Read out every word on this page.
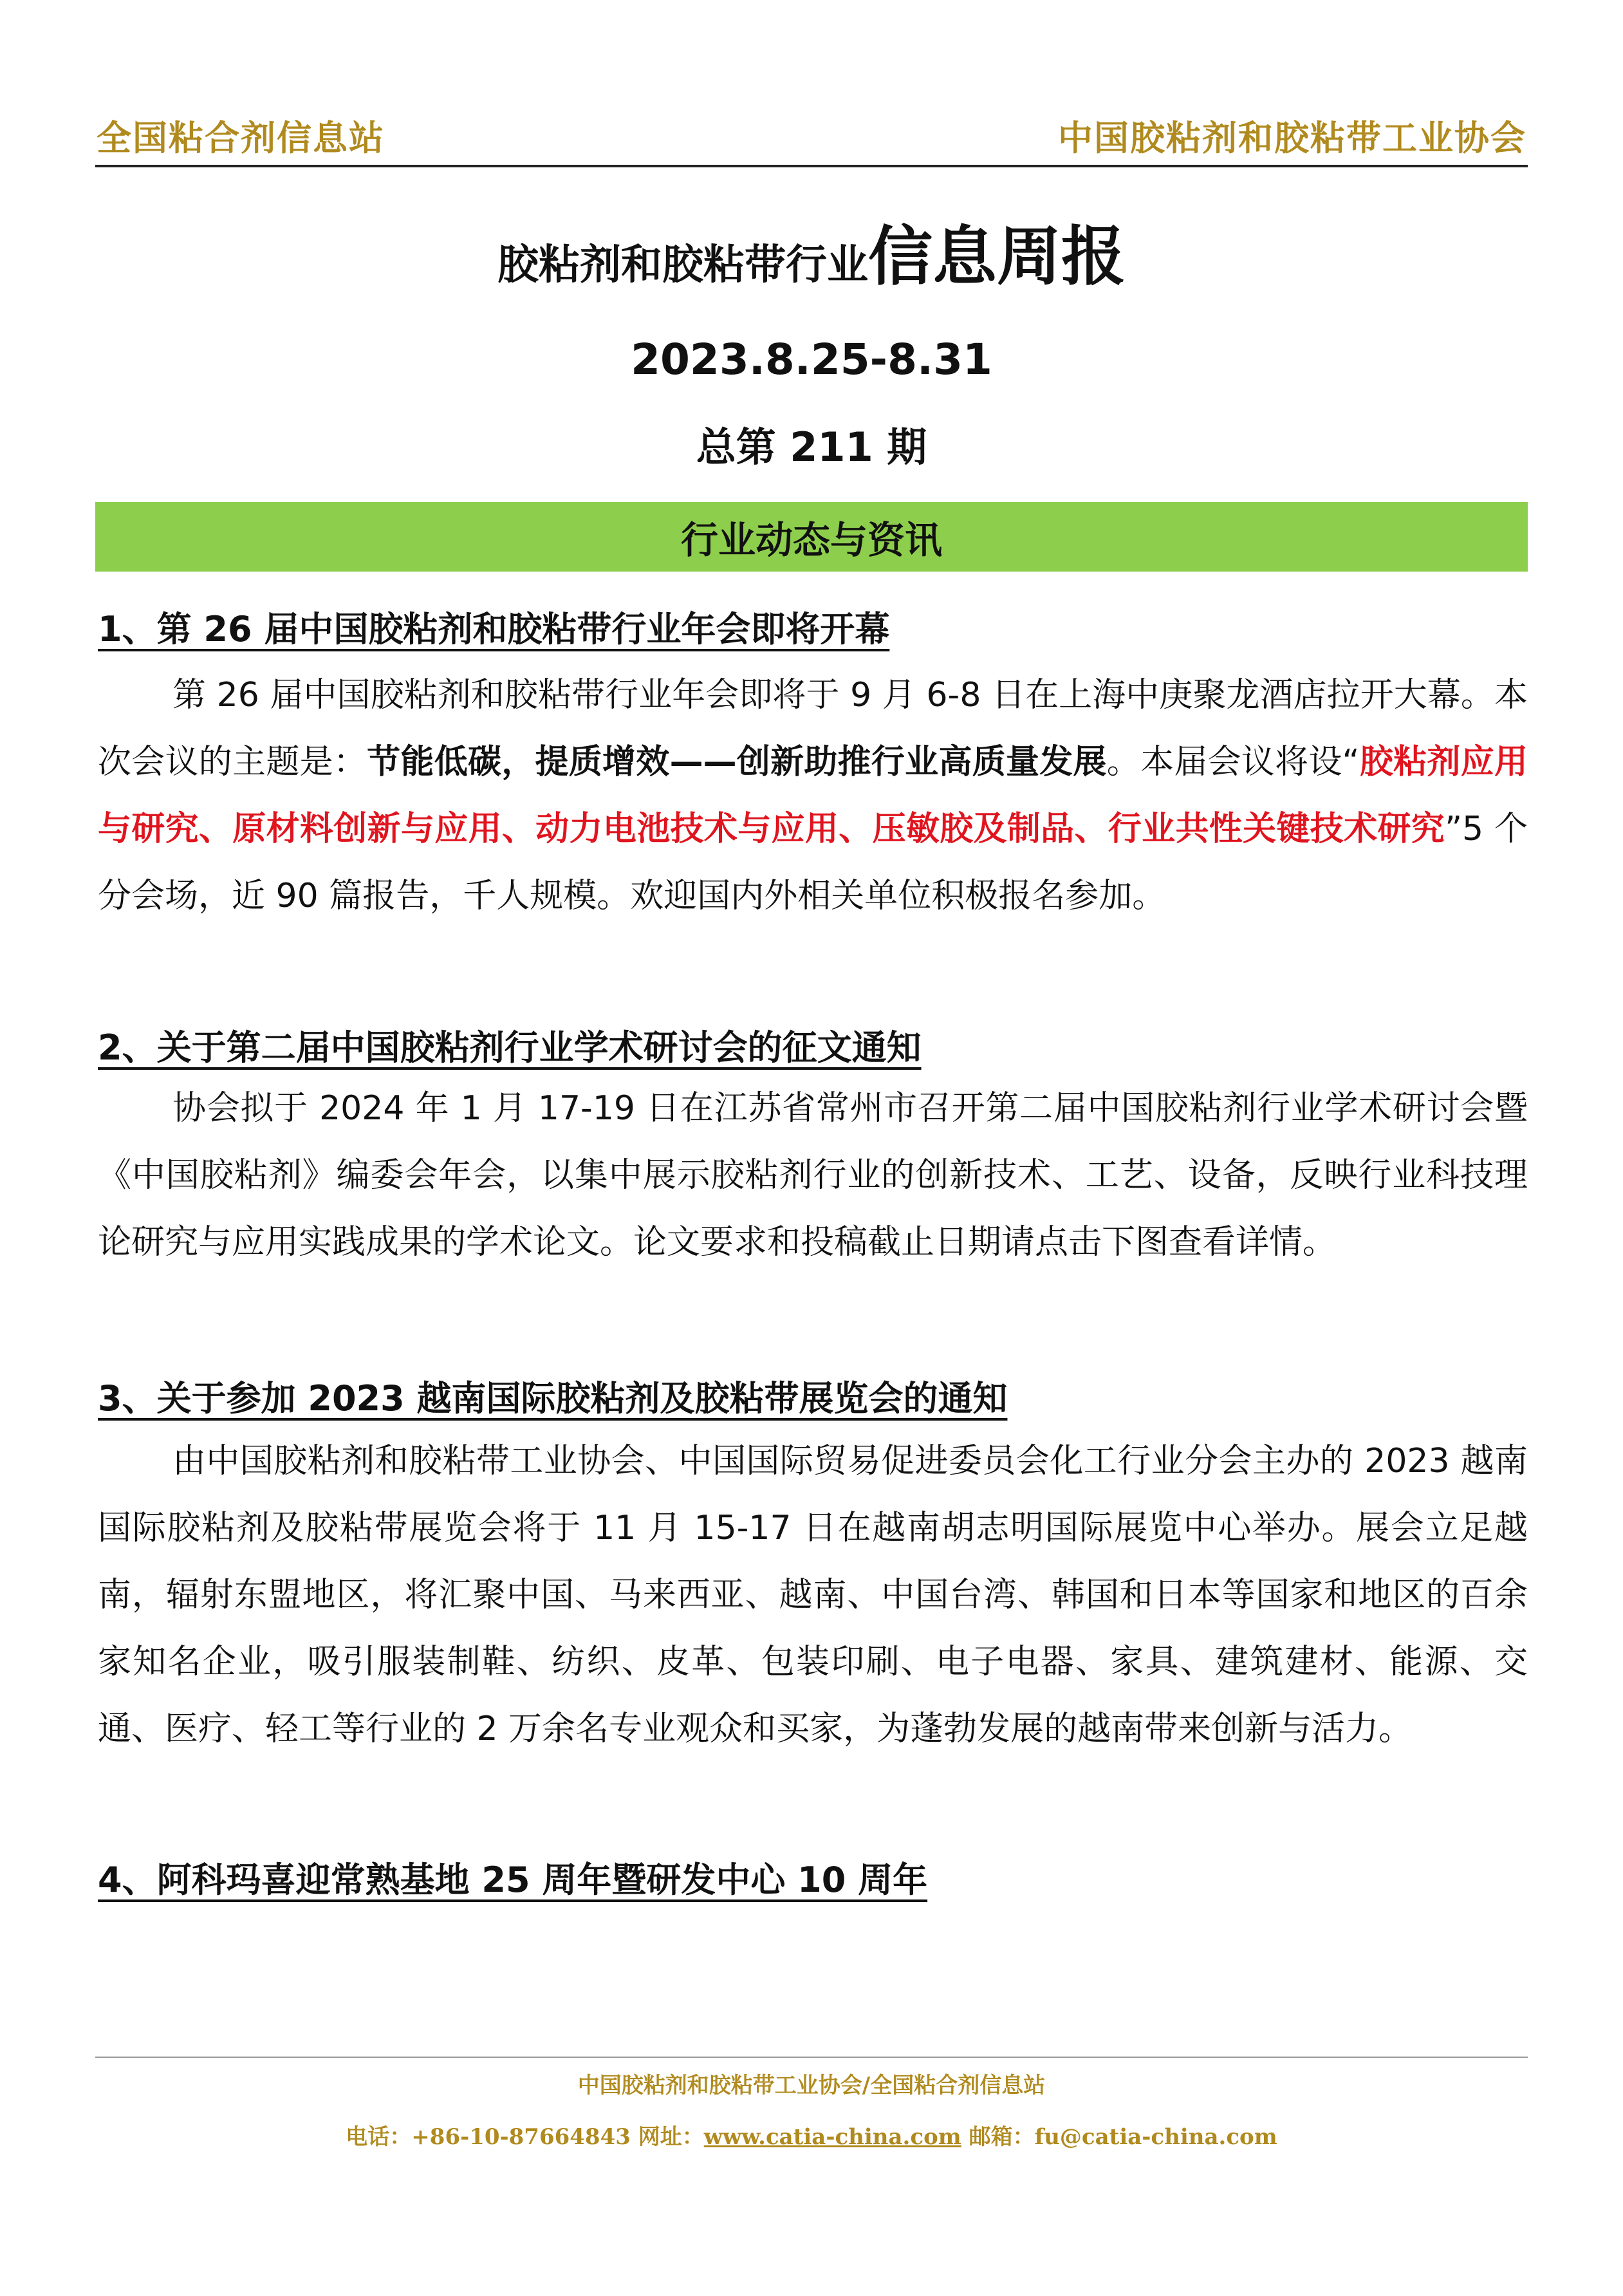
全国粘合剂信息站	中国胶粘剂和胶粘带工业协会
胶粘剂和胶粘带行业信息周报
2023.8.25-8.31
总第 211 期
行业动态与资讯
1、第 26 届中国胶粘剂和胶粘带行业年会即将开幕
第 26 届中国胶粘剂和胶粘带行业年会即将于 9 月 6-8 日在上海中庚聚龙酒店拉开大幕。本次会议的主题是：节能低碳，提质增效——创新助推行业高质量发展。本届会议将设“胶粘剂应用与研究、原材料创新与应用、动力电池技术与应用、压敏胶及制品、行业共性关键技术研究”5 个分会场，近 90 篇报告，千人规模。欢迎国内外相关单位积极报名参加。
2、关于第二届中国胶粘剂行业学术研讨会的征文通知
协会拟于 2024 年 1 月 17-19 日在江苏省常州市召开第二届中国胶粘剂行业学术研讨会暨《中国胶粘剂》编委会年会，以集中展示胶粘剂行业的创新技术、工艺、设备，反映行业科技理论研究与应用实践成果的学术论文。论文要求和投稿截止日期请点击下图查看详情。
3、关于参加 2023 越南国际胶粘剂及胶粘带展览会的通知
由中国胶粘剂和胶粘带工业协会、中国国际贸易促进委员会化工行业分会主办的 2023 越南国际胶粘剂及胶粘带展览会将于 11 月 15-17 日在越南胡志明国际展览中心举办。展会立足越南，辐射东盟地区，将汇聚中国、马来西亚、越南、中国台湾、韩国和日本等国家和地区的百余家知名企业，吸引服装制鞋、纺织、皮革、包装印刷、电子电器、家具、建筑建材、能源、交通、医疗、轻工等行业的 2 万余名专业观众和买家，为蓬勃发展的越南带来创新与活力。
4、阿科玛喜迎常熟基地 25 周年暨研发中心 10 周年
中国胶粘剂和胶粘带工业协会/全国粘合剂信息站
电话：+86-10-87664843 网址：www.catia-china.com 邮箱：fu@catia-china.com
